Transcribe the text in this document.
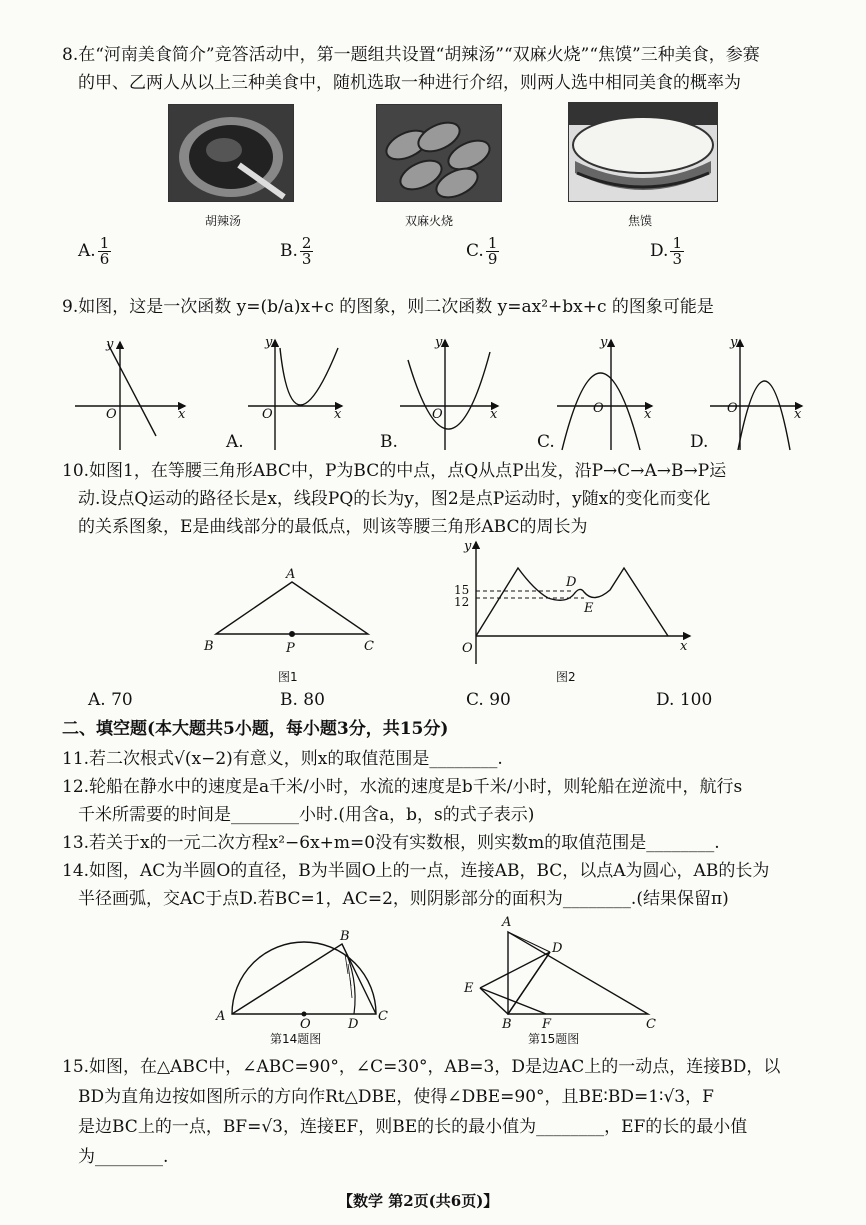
8.在“河南美食简介”竞答活动中，第一题组共设置“胡辣汤”“双麻火烧”“焦馍”三种美食，参赛
的甲、乙两人从以上三种美食中，随机选取一种进行介绍，则两人选中相同美食的概率为
胡辣汤	双麻火烧	焦馍
A. $\frac{1}{6}$	B. $\frac{2}{3}$	C. $\frac{1}{9}$	D. $\frac{1}{3}$
9.如图，这是一次函数 y=(b/a)x+c 的图象，则二次函数 y=ax²+bx+c 的图象可能是
y
x
O
y
x
O
y
x
O
y
x
O
y
x
O
A.	B.	C.	D.
10.如图1，在等腰三角形ABC中，P为BC的中点，点Q从点P出发，沿P→C→A→B→P运
动.设点Q运动的路径长是x，线段PQ的长为y，图2是点P运动时，y随x的变化而变化
的关系图象，E是曲线部分的最低点，则该等腰三角形ABC的周长为
A
B	C
P
图1
15
12
y
x
O
D
E
图2
A. 70	B. 80	C. 90	D. 100
二、填空题(本大题共5小题，每小题3分，共15分)
11.若二次根式√(x−2)有意义，则x的取值范围是________.
12.轮船在静水中的速度是a千米/小时，水流的速度是b千米/小时，则轮船在逆流中，航行s
千米所需要的时间是________小时.(用含a，b，s的式子表示)
13.若关于x的一元二次方程x²−6x+m=0没有实数根，则实数m的取值范围是________.
14.如图，AC为半圆O的直径，B为半圆O上的一点，连接AB，BC，以点A为圆心，AB的长为
半径画弧，交AC于点D.若BC=1，AC=2，则阴影部分的面积为________.(结果保留π)
A
B
C
D
O
第14题图
A
D
E
B F	C
第15题图
15.如图，在△ABC中，∠ABC=90°，∠C=30°，AB=3，D是边AC上的一动点，连接BD，以
BD为直角边按如图所示的方向作Rt△DBE，使得∠DBE=90°，且BE∶BD=1∶√3，F
是边BC上的一点，BF=√3，连接EF，则BE的长的最小值为________，EF的长的最小值
为________.
【数学 第2页(共6页)】
